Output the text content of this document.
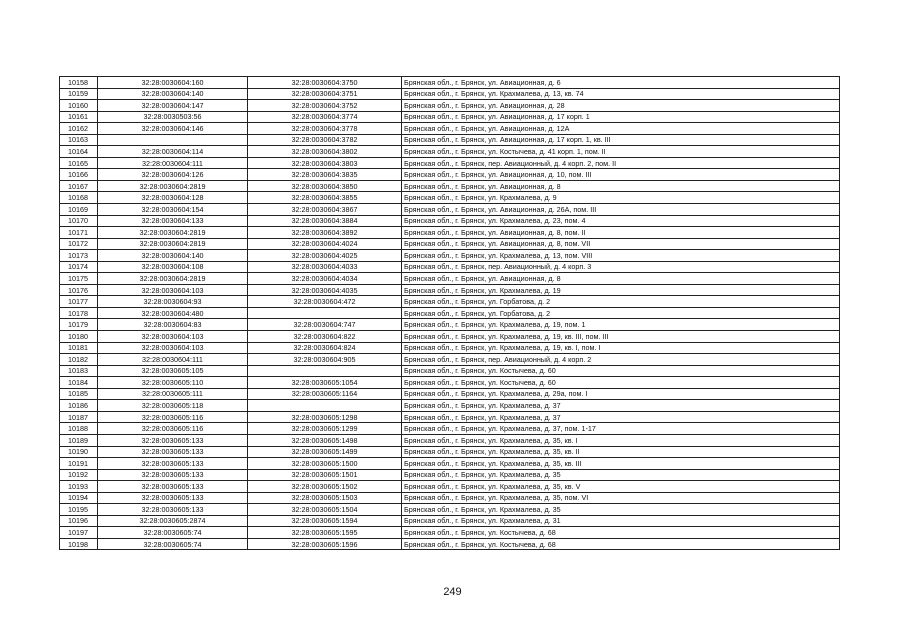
10158	32:28:0030604:160	32:28:0030604:3750	Брянская обл., г. Брянск, ул. Авиационная, д. 6
10159	32:28:0030604:140	32:28:0030604:3751	Брянская обл., г. Брянск, ул. Крахмалева, д. 13, кв. 74
10160	32:28:0030604:147	32:28:0030604:3752	Брянская обл., г. Брянск, ул. Авиационная, д. 28
10161	32:28:0030503:56	32:28:0030604:3774	Брянская обл., г. Брянск, ул. Авиационная, д. 17 корп. 1
10162	32:28:0030604:146	32:28:0030604:3778	Брянская обл., г. Брянск, ул. Авиационная, д. 12А
10163		32:28:0030604:3782	Брянская обл., г. Брянск, ул. Авиационная, д. 17 корп. 1, кв. III
10164	32:28:0030604:114	32:28:0030604:3802	Брянская обл., г. Брянск, ул. Костычева, д. 41 корп. 1, пом. II
10165	32:28:0030604:111	32:28:0030604:3803	Брянская обл., г. Брянск, пер. Авиационный, д. 4 корп. 2, пом. II
10166	32:28:0030604:126	32:28:0030604:3835	Брянская обл., г. Брянск, ул. Авиационная, д. 10, пом. III
10167	32:28:0030604:2819	32:28:0030604:3850	Брянская обл., г. Брянск, ул. Авиационная, д. 8
10168	32:28:0030604:128	32:28:0030604:3855	Брянская обл., г. Брянск, ул. Крахмалева, д. 9
10169	32:28:0030604:154	32:28:0030604:3867	Брянская обл., г. Брянск, ул. Авиационная, д. 26А, пом. III
10170	32:28:0030604:133	32:28:0030604:3884	Брянская обл., г. Брянск, ул. Крахмалева, д. 23, пом. 4
10171	32:28:0030604:2819	32:28:0030604:3892	Брянская обл., г. Брянск, ул. Авиационная, д. 8, пом. II
10172	32:28:0030604:2819	32:28:0030604:4024	Брянская обл., г. Брянск, ул. Авиационная, д. 8, пом. VII
10173	32:28:0030604:140	32:28:0030604:4025	Брянская обл., г. Брянск, ул. Крахмалева, д. 13, пом. VIII
10174	32:28:0030604:108	32:28:0030604:4033	Брянская обл., г. Брянск, пер. Авиационный, д. 4 корп. 3
10175	32:28:0030604:2819	32:28:0030604:4034	Брянская обл., г. Брянск, ул. Авиационная, д. 8
10176	32:28:0030604:103	32:28:0030604:4035	Брянская обл., г. Брянск, ул. Крахмалева, д. 19
10177	32:28:0030604:93	32:28:0030604:472	Брянская обл., г. Брянск, ул. Горбатова, д. 2
10178	32:28:0030604:480		Брянская обл., г. Брянск, ул. Горбатова, д. 2
10179	32:28:0030604:83	32:28:0030604:747	Брянская обл., г. Брянск, ул. Крахмалева, д. 19, пом. 1
10180	32:28:0030604:103	32:28:0030604:822	Брянская обл., г. Брянск, ул. Крахмалева, д. 19, кв. III, пом. III
10181	32:28:0030604:103	32:28:0030604:824	Брянская обл., г. Брянск, ул. Крахмалева, д. 19, кв. I, пом. I
10182	32:28:0030604:111	32:28:0030604:905	Брянская обл., г. Брянск, пер. Авиационный, д. 4 корп. 2
10183	32:28:0030605:105		Брянская обл., г. Брянск, ул. Костычева, д. 60
10184	32:28:0030605:110	32:28:0030605:1054	Брянская обл., г. Брянск, ул. Костычева, д. 60
10185	32:28:0030605:111	32:28:0030605:1164	Брянская обл., г. Брянск, ул. Крахмалева, д. 29а, пом. I
10186	32:28:0030605:118		Брянская обл., г. Брянск, ул. Крахмалева, д. 37
10187	32:28:0030605:116	32:28:0030605:1298	Брянская обл., г. Брянск, ул. Крахмалева, д. 37
10188	32:28:0030605:116	32:28:0030605:1299	Брянская обл., г. Брянск, ул. Крахмалева, д. 37, пом. 1-17
10189	32:28:0030605:133	32:28:0030605:1498	Брянская обл., г. Брянск, ул. Крахмалева, д. 35, кв. I
10190	32:28:0030605:133	32:28:0030605:1499	Брянская обл., г. Брянск, ул. Крахмалева, д. 35, кв. II
10191	32:28:0030605:133	32:28:0030605:1500	Брянская обл., г. Брянск, ул. Крахмалева, д. 35, кв. III
10192	32:28:0030605:133	32:28:0030605:1501	Брянская обл., г. Брянск, ул. Крахмалева, д. 35
10193	32:28:0030605:133	32:28:0030605:1502	Брянская обл., г. Брянск, ул. Крахмалева, д. 35, кв. V
10194	32:28:0030605:133	32:28:0030605:1503	Брянская обл., г. Брянск, ул. Крахмалева, д. 35, пом. VI
10195	32:28:0030605:133	32:28:0030605:1504	Брянская обл., г. Брянск, ул. Крахмалева, д. 35
10196	32:28:0030605:2874	32:28:0030605:1594	Брянская обл., г. Брянск, ул. Крахмалева, д. 31
10197	32:28:0030605:74	32:28:0030605:1595	Брянская обл., г. Брянск, ул. Костычева, д. 68
10198	32:28:0030605:74	32:28:0030605:1596	Брянская обл., г. Брянск, ул. Костычева, д. 68
249
